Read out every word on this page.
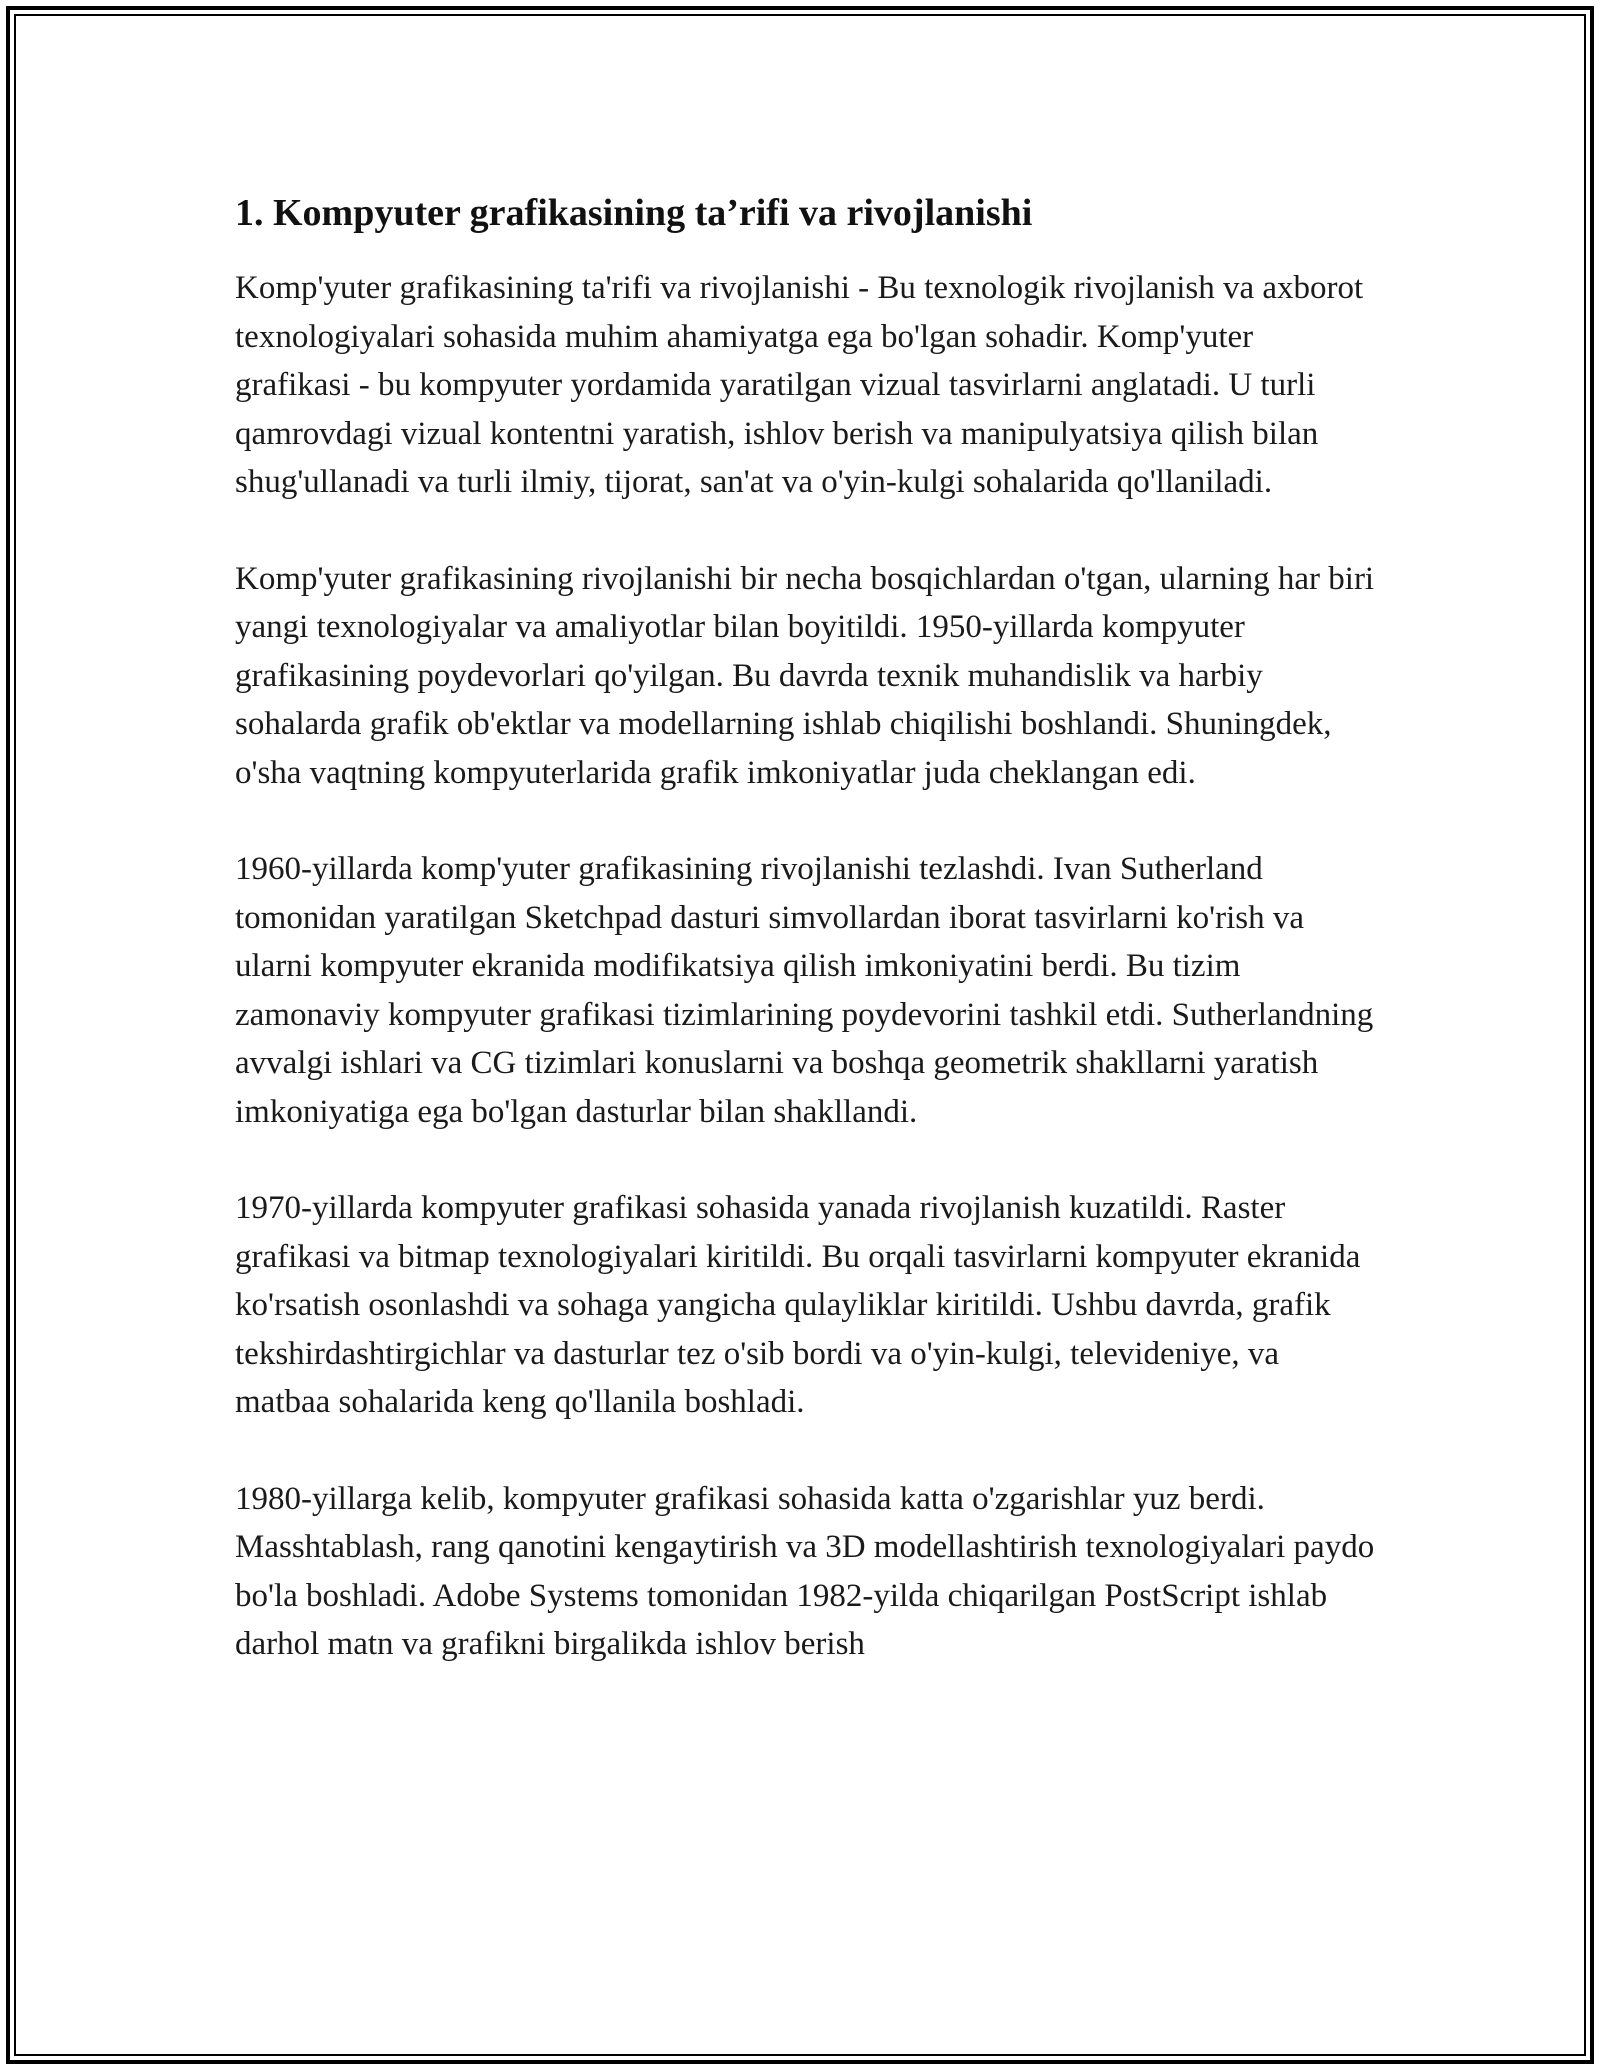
1. Kompyuter grafikasining ta’rifi va rivojlanishi

Komp'yuter grafikasining ta'rifi va rivojlanishi - Bu texnologik rivojlanish va axborot texnologiyalari sohasida muhim ahamiyatga ega bo'lgan sohadir. Komp'yuter grafikasi - bu kompyuter yordamida yaratilgan vizual tasvirlarni anglatadi. U turli qamrovdagi vizual kontentni yaratish, ishlov berish va manipulyatsiya qilish bilan shug'ullanadi va turli ilmiy, tijorat, san'at va o'yin-kulgi sohalarida qo'llaniladi.

Komp'yuter grafikasining rivojlanishi bir necha bosqichlardan o'tgan, ularning har biri yangi texnologiyalar va amaliyotlar bilan boyitildi. 1950-yillarda kompyuter grafikasining poydevorlari qo'yilgan. Bu davrda texnik muhandislik va harbiy sohalarda grafik ob'ektlar va modellarning ishlab chiqilishi boshlandi. Shuningdek, o'sha vaqtning kompyuterlarida grafik imkoniyatlar juda cheklangan edi.

1960-yillarda komp'yuter grafikasining rivojlanishi tezlashdi. Ivan Sutherland tomonidan yaratilgan Sketchpad dasturi simvollardan iborat tasvirlarni ko'rish va ularni kompyuter ekranida modifikatsiya qilish imkoniyatini berdi. Bu tizim zamonaviy kompyuter grafikasi tizimlarining poydevorini tashkil etdi. Sutherlandning avvalgi ishlari va CG tizimlari konuslarni va boshqa geometrik shakllarni yaratish imkoniyatiga ega bo'lgan dasturlar bilan shakllandi.

1970-yillarda kompyuter grafikasi sohasida yanada rivojlanish kuzatildi. Raster grafikasi va bitmap texnologiyalari kiritildi. Bu orqali tasvirlarni kompyuter ekranida ko'rsatish osonlashdi va sohaga yangicha qulayliklar kiritildi. Ushbu davrda, grafik tekshirdashtirgichlar va dasturlar tez o'sib bordi va o'yin-kulgi, televideniye, va matbaa sohalarida keng qo'llanila boshladi.

1980-yillarga kelib, kompyuter grafikasi sohasida katta o'zgarishlar yuz berdi. Masshtablash, rang qanotini kengaytirish va 3D modellashtirish texnologiyalari paydo bo'la boshladi. Adobe Systems tomonidan 1982-yilda chiqarilgan PostScript ishlab darhol matn va grafikni birgalikda ishlov berish
